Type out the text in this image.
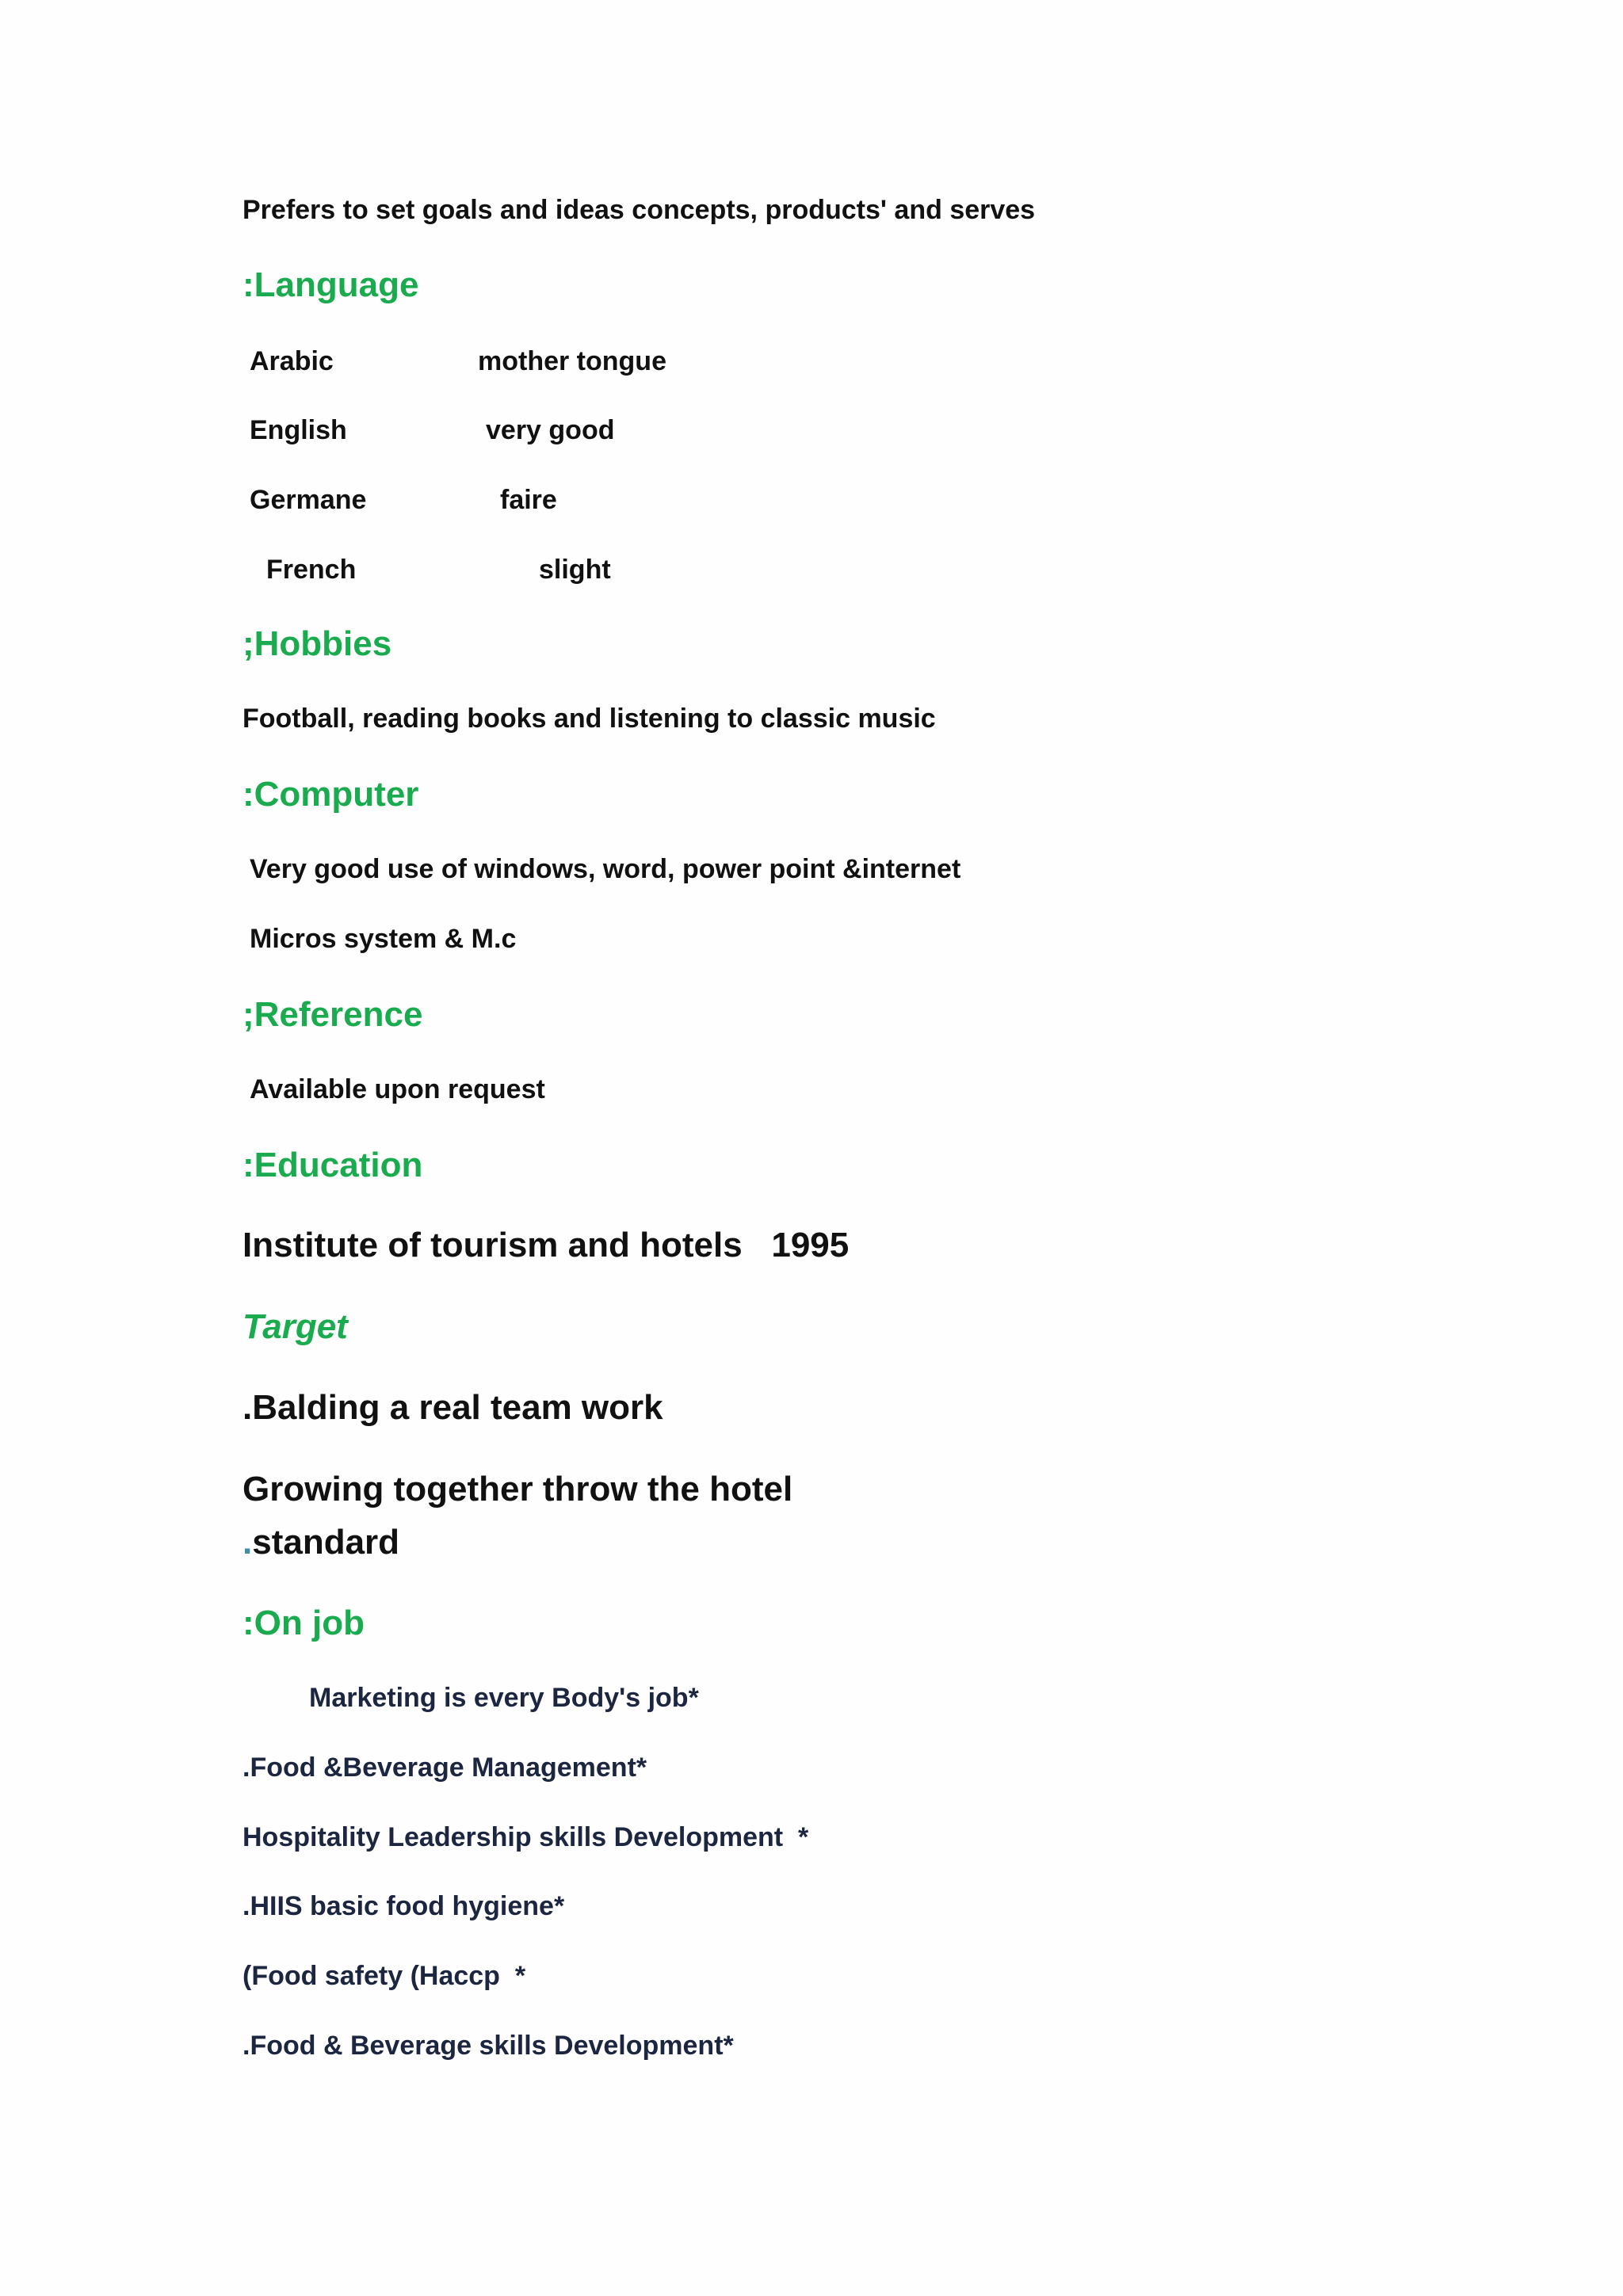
Prefers to set goals and ideas concepts, products' and serves
:Language
Arabic	mother tongue
English	very good
Germane	faire
French	slight
;Hobbies
Football, reading books and listening to classic music
:Computer
Very good use of windows, word, power point &internet
Micros system & M.c
;Reference
Available upon request
:Education
Institute of tourism and hotels   1995
Target
.Balding a real team work
Growing together throw the hotel
.standard
:On job
Marketing is every Body's job*
.Food &Beverage Management*
Hospitality Leadership skills Development  *
.HIIS basic food hygiene*
(Food safety (Haccp  *
.Food & Beverage skills Development*
